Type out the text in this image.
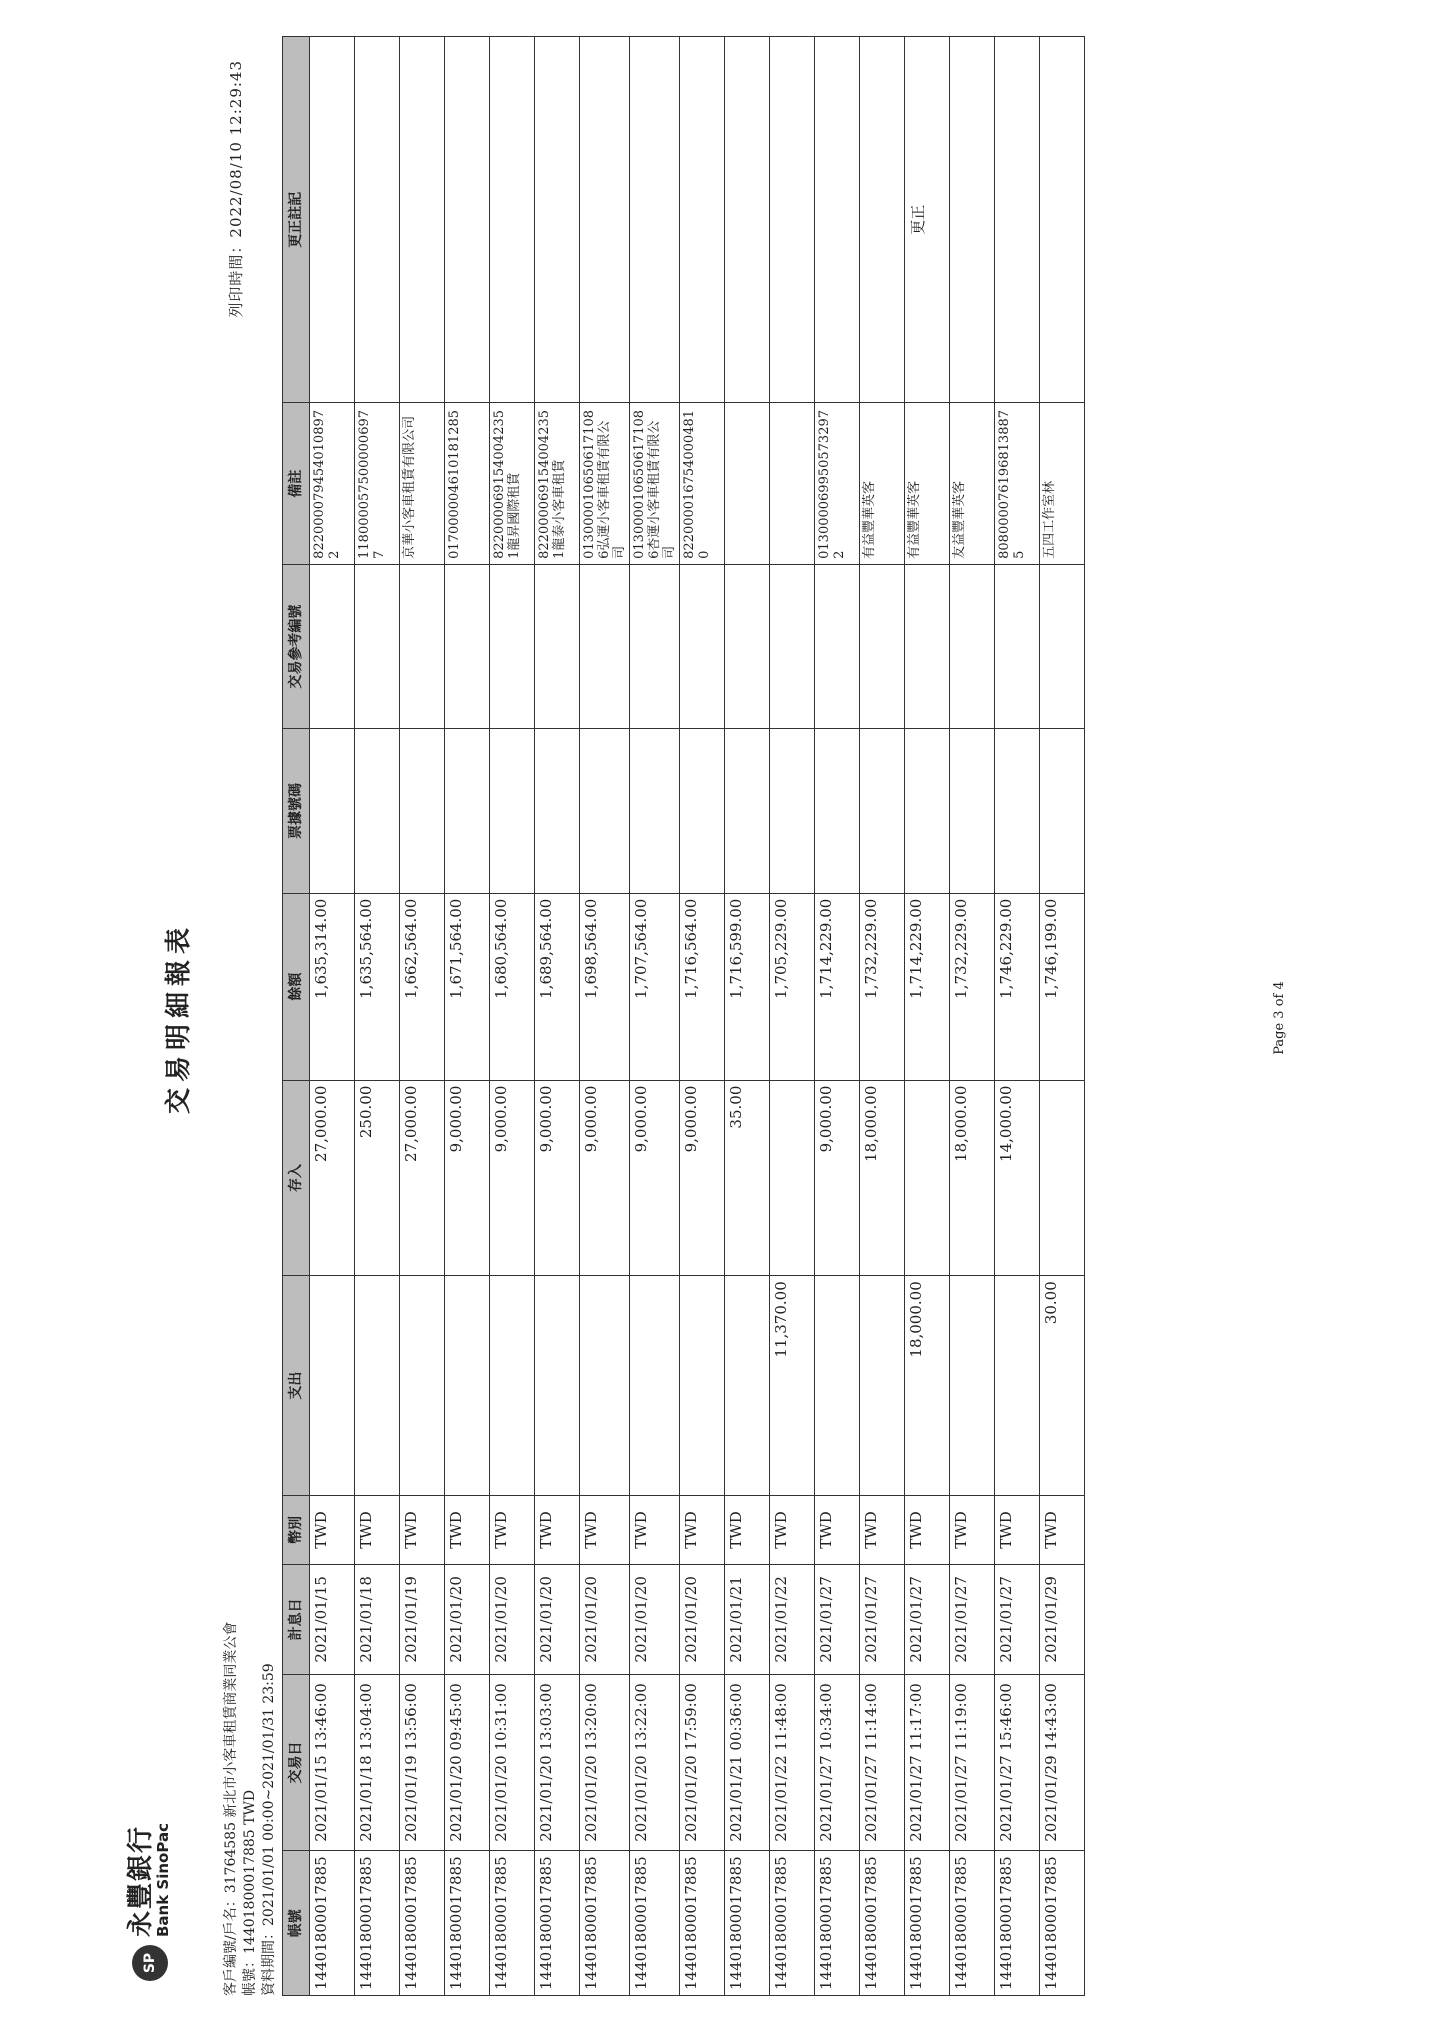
SP
永豐銀行
Bank SinoPac
交易明細報表
列印時間：2022/08/10 12:29:43
客戶編號/戶名：31764585 新北市小客車租賃商業同業公會 帳號：14401800017885 TWD 資料期間：2021/01/01 00:00~2021/01/31 23:59 帳號	交易日	計息日	幣別	支出	存入	餘額	票據號碼	交易參考編號	備註	更正註記
14401800017885	2021/01/15 13:46:00	2021/01/15	TWD		27,000.00	1,635,314.00			822000079454010897 2	
14401800017885	2021/01/18 13:04:00	2021/01/18	TWD		250.00	1,635,564.00			118000057500000697 7	
14401800017885	2021/01/19 13:56:00	2021/01/19	TWD		27,000.00	1,662,564.00			京華小客車租賃有限公司	
14401800017885	2021/01/20 09:45:00	2021/01/20	TWD		9,000.00	1,671,564.00			017000004610181285	
14401800017885	2021/01/20 10:31:00	2021/01/20	TWD		9,000.00	1,680,564.00			822000069154004235 1龍昇國際租賃	
14401800017885	2021/01/20 13:03:00	2021/01/20	TWD		9,000.00	1,689,564.00			822000069154004235 1龍泰小客車租賃	
14401800017885	2021/01/20 13:20:00	2021/01/20	TWD		9,000.00	1,698,564.00			013000010650617108 6弘運小客車租賃有限公司	
14401800017885	2021/01/20 13:22:00	2021/01/20	TWD		9,000.00	1,707,564.00			013000010650617108 6杏運小客車租賃有限公司	
14401800017885	2021/01/20 17:59:00	2021/01/20	TWD		9,000.00	1,716,564.00			822000016754000481 0	
14401800017885	2021/01/21 00:36:00	2021/01/21	TWD		35.00	1,716,599.00				
14401800017885	2021/01/22 11:48:00	2021/01/22	TWD	11,370.00		1,705,229.00				
14401800017885	2021/01/27 10:34:00	2021/01/27	TWD		9,000.00	1,714,229.00			013000069950573297 2	
14401800017885	2021/01/27 11:14:00	2021/01/27	TWD		18,000.00	1,732,229.00			有益豐華英客	
14401800017885	2021/01/27 11:17:00	2021/01/27	TWD	18,000.00		1,714,229.00			有益豐華英客	更正
14401800017885	2021/01/27 11:19:00	2021/01/27	TWD		18,000.00	1,732,229.00			友益豐華英客	
14401800017885	2021/01/27 15:46:00	2021/01/27	TWD		14,000.00	1,746,229.00			808000076196813887 5	
14401800017885	2021/01/29 14:43:00	2021/01/29	TWD	30.00		1,746,199.00			五四工作室林	
Page 3 of 4
